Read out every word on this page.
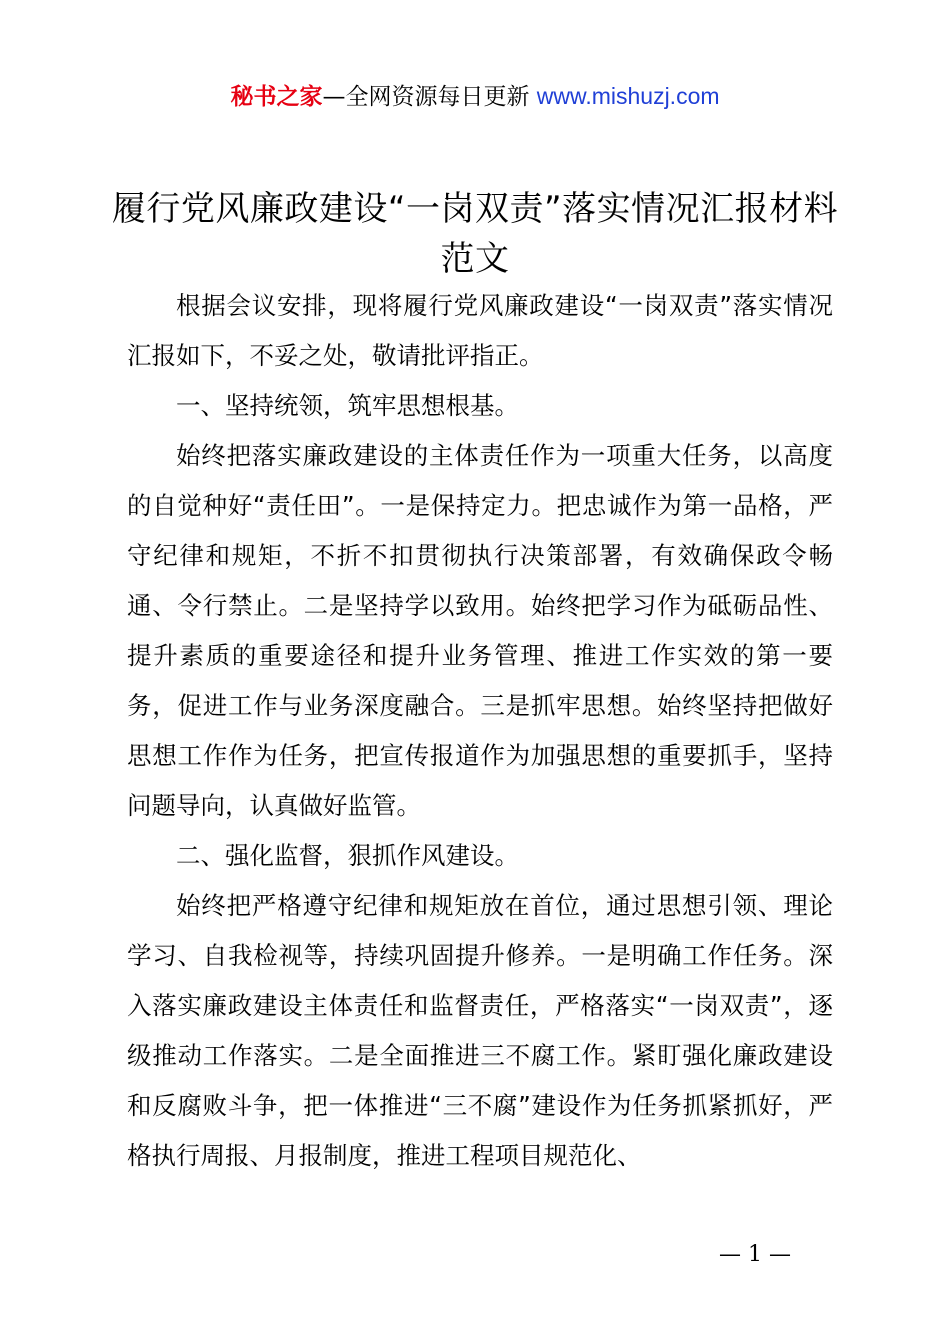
秘书之家—全网资源每日更新 www.mishuzj.com
履行党风廉政建设“一岗双责”落实情况汇报材料范文

根据会议安排，现将履行党风廉政建设“一岗双责”落实情况汇报如下，不妥之处，敬请批评指正。

一、坚持统领，筑牢思想根基。

始终把落实廉政建设的主体责任作为一项重大任务，以高度的自觉种好“责任田”。一是保持定力。把忠诚作为第一品格，严守纪律和规矩，不折不扣贯彻执行决策部署，有效确保政令畅通、令行禁止。二是坚持学以致用。始终把学习作为砥砺品性、提升素质的重要途径和提升业务管理、推进工作实效的第一要务，促进工作与业务深度融合。三是抓牢思想。始终坚持把做好思想工作作为任务，把宣传报道作为加强思想的重要抓手，坚持问题导向，认真做好监管。

二、强化监督，狠抓作风建设。

始终把严格遵守纪律和规矩放在首位，通过思想引领、理论学习、自我检视等，持续巩固提升修养。一是明确工作任务。深入落实廉政建设主体责任和监督责任，严格落实“一岗双责”，逐级推动工作落实。二是全面推进三不腐工作。紧盯强化廉政建设和反腐败斗争，把一体推进“三不腐”建设作为任务抓紧抓好，严格执行周报、月报制度，推进工程项目规范化、

— 1 —
